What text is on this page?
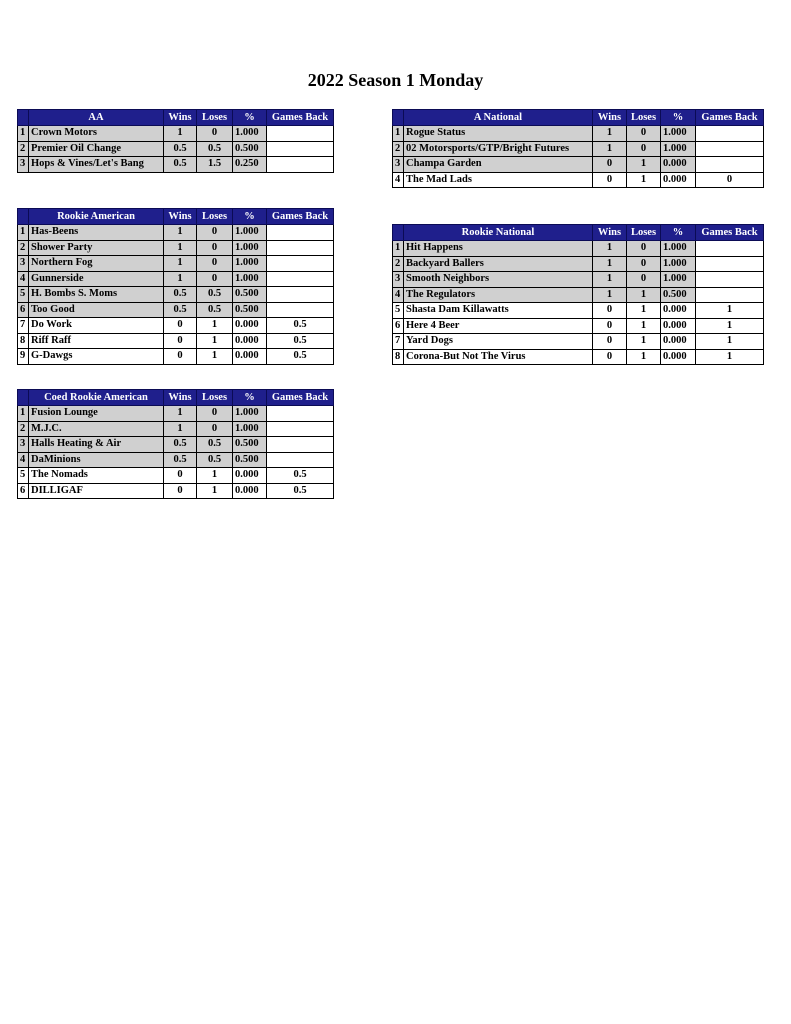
2022 Season 1 Monday
	AA	Wins	Loses	%	Games Back
1	Crown Motors	1	0	1.000	
2	Premier Oil Change	0.5	0.5	0.500	
3	Hops & Vines/Let's Bang	0.5	1.5	0.250	
	Rookie American	Wins	Loses	%	Games Back
1	Has-Beens	1	0	1.000	
2	Shower Party	1	0	1.000	
3	Northern Fog	1	0	1.000	
4	Gunnerside	1	0	1.000	
5	H. Bombs S. Moms	0.5	0.5	0.500	
6	Too Good	0.5	0.5	0.500	
7	Do Work	0	1	0.000	0.5
8	Riff Raff	0	1	0.000	0.5
9	G-Dawgs	0	1	0.000	0.5
	Coed Rookie American	Wins	Loses	%	Games Back
1	Fusion Lounge	1	0	1.000	
2	M.J.C.	1	0	1.000	
3	Halls Heating & Air	0.5	0.5	0.500	
4	DaMinions	0.5	0.5	0.500	
5	The Nomads	0	1	0.000	0.5
6	DILLIGAF	0	1	0.000	0.5
	A National	Wins	Loses	%	Games Back
1	Rogue Status	1	0	1.000	
2	02 Motorsports/GTP/Bright Futures	1	0	1.000	
3	Champa Garden	0	1	0.000	
4	The Mad Lads	0	1	0.000	0
	Rookie National	Wins	Loses	%	Games Back
1	Hit Happens	1	0	1.000	
2	Backyard Ballers	1	0	1.000	
3	Smooth Neighbors	1	0	1.000	
4	The Regulators	1	1	0.500	
5	Shasta Dam Killawatts	0	1	0.000	1
6	Here 4 Beer	0	1	0.000	1
7	Yard Dogs	0	1	0.000	1
8	Corona-But Not The Virus	0	1	0.000	1
